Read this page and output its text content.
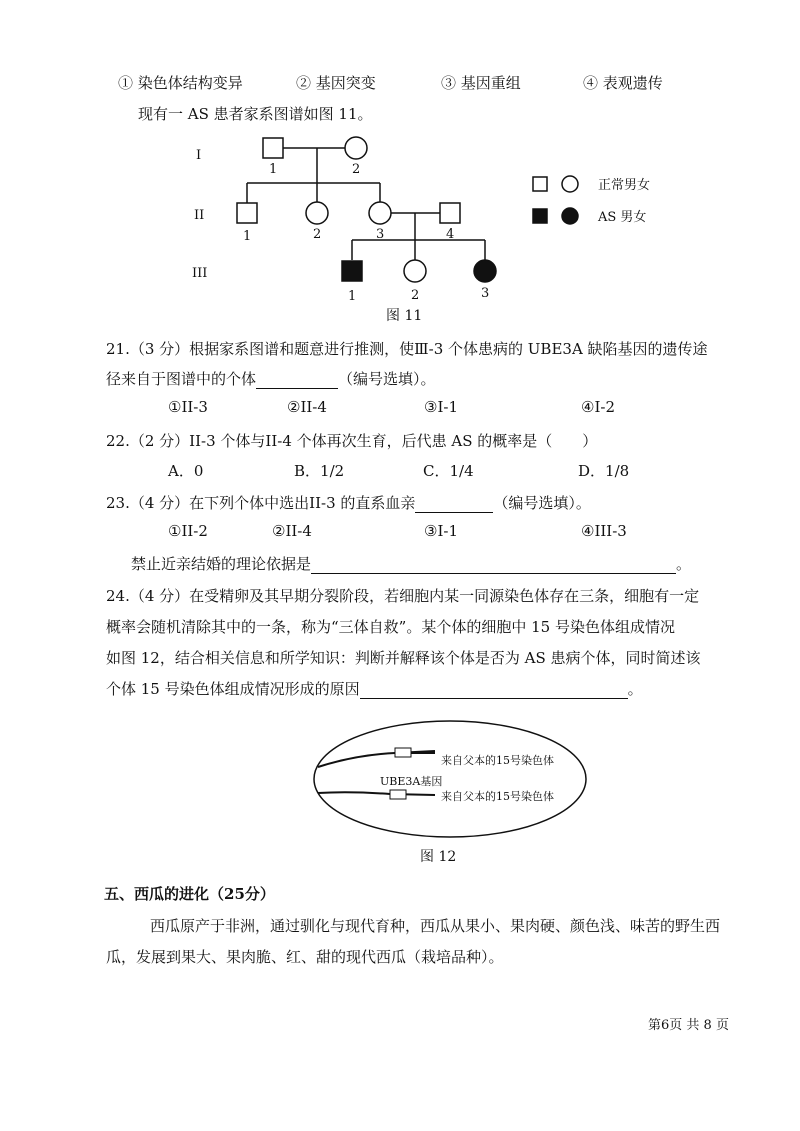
① 染色体结构变异	② 基因突变	③ 基因重组	④ 表观遗传
现有一 AS 患者家系图谱如图 11。
I
II
III
1	2
1	2	3	4
1	2	3
正常男女
AS 男女
图 11
21.（3 分）根据家系图谱和题意进行推测，使Ⅲ-3 个体患病的 UBE3A 缺陷基因的遗传途
径来自于图谱中的个体	（编号选填）。
①II-3	②II-4	③I-1	④I-2
22.（2 分）II-3 个体与II-4 个体再次生育，后代患 AS 的概率是（　　）
A．0	B．1/2	C．1/4	D．1/8
23.（4 分）在下列个体中选出II-3 的直系血亲	（编号选填）。
①II-2	②II-4	③I-1	④III-3
禁止近亲结婚的理论依据是	。
24.（4 分）在受精卵及其早期分裂阶段，若细胞内某一同源染色体存在三条，细胞有一定
概率会随机清除其中的一条，称为“三体自救”。某个体的细胞中 15 号染色体组成情况
如图 12，结合相关信息和所学知识：判断并解释该个体是否为 AS 患病个体，同时简述该
个体 15 号染色体组成情况形成的原因	。
来自父本的15号染色体
UBE3A基因
来自父本的15号染色体
图 12
五、西瓜的进化（25分）
西瓜原产于非洲，通过驯化与现代育种，西瓜从果小、果肉硬、颜色浅、味苦的野生西
瓜，发展到果大、果肉脆、红、甜的现代西瓜（栽培品种）。
第6页 共 8 页
